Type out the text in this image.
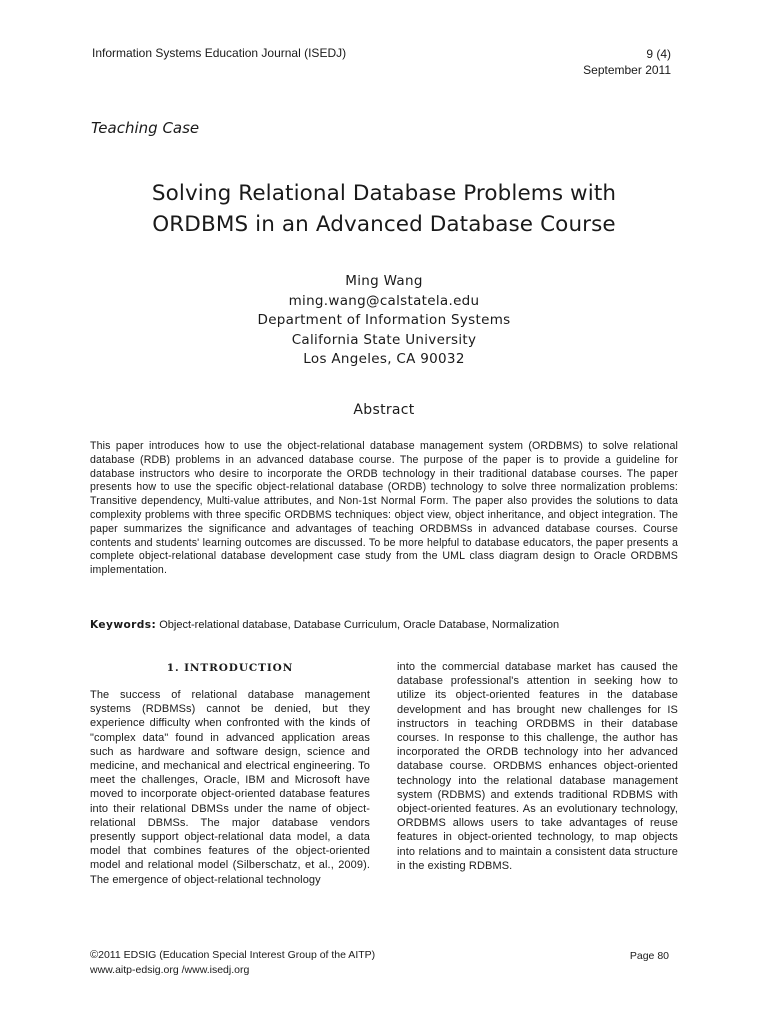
Information Systems Education Journal (ISEDJ)	9 (4)
September 2011
Teaching Case
Solving Relational Database Problems with
ORDBMS in an Advanced Database Course
Ming Wang
ming.wang@calstatela.edu
Department of Information Systems
California State University
Los Angeles, CA 90032
Abstract
This paper introduces how to use the object-relational database management system (ORDBMS) to solve relational database (RDB) problems in an advanced database course. The purpose of the paper is to provide a guideline for database instructors who desire to incorporate the ORDB technology in their traditional database courses. The paper presents how to use the specific object-relational database (ORDB) technology to solve three normalization problems: Transitive dependency, Multi-value attributes, and Non-1st Normal Form. The paper also provides the solutions to data complexity problems with three specific ORDBMS techniques: object view, object inheritance, and object integration. The paper summarizes the significance and advantages of teaching ORDBMSs in advanced database courses. Course contents and students' learning outcomes are discussed. To be more helpful to database educators, the paper presents a complete object-relational database development case study from the UML class diagram design to Oracle ORDBMS implementation.
Keywords: Object-relational database, Database Curriculum, Oracle Database, Normalization
1. INTRODUCTION
The success of relational database management systems (RDBMSs) cannot be denied, but they experience difficulty when confronted with the kinds of "complex data" found in advanced application areas such as hardware and software design, science and medicine, and mechanical and electrical engineering. To meet the challenges, Oracle, IBM and Microsoft have moved to incorporate object-oriented database features into their relational DBMSs under the name of object-relational DBMSs. The major database vendors presently support object-relational data model, a data model that combines features of the object-oriented model and relational model (Silberschatz, et al., 2009). The emergence of object-relational technology
into the commercial database market has caused the database professional's attention in seeking how to utilize its object-oriented features in the database development and has brought new challenges for IS instructors in teaching ORDBMS in their database courses. In response to this challenge, the author has incorporated the ORDB technology into her advanced database course. ORDBMS enhances object-oriented technology into the relational database management system (RDBMS) and extends traditional RDBMS with object-oriented features. As an evolutionary technology, ORDBMS allows users to take advantages of reuse features in object-oriented technology, to map objects into relations and to maintain a consistent data structure in the existing RDBMS.
©2011 EDSIG (Education Special Interest Group of the AITP)
www.aitp-edsig.org /www.isedj.org
Page 80
